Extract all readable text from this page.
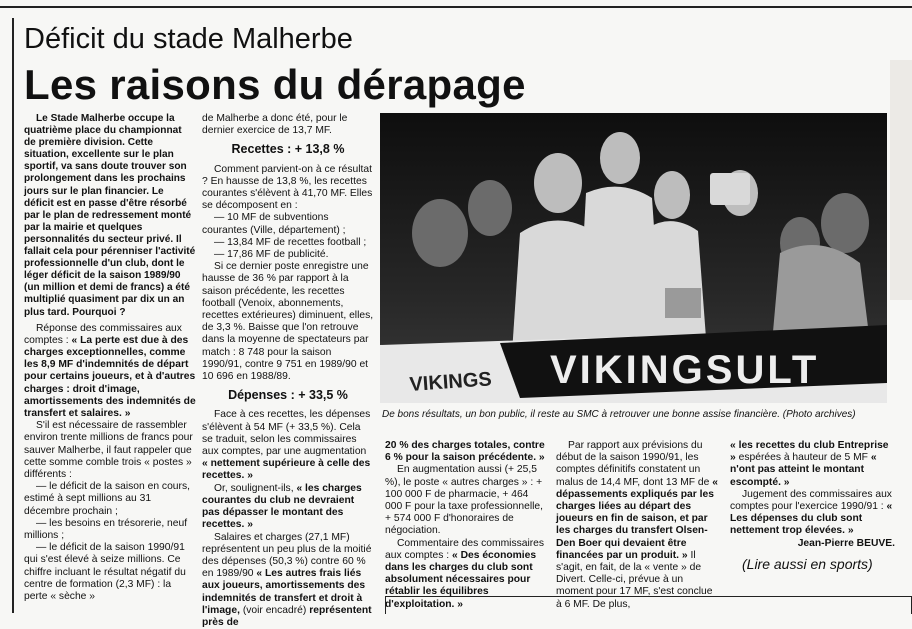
Déficit du stade Malherbe
Les raisons du dérapage

Le Stade Malherbe occupe la quatrième place du championnat de première division. Cette situation, excellente sur le plan sportif, va sans doute trouver son prolongement dans les prochains jours sur le plan financier. Le déficit est en passe d'être résorbé par le plan de redressement monté par la mairie et quelques personnalités du secteur privé. Il fallait cela pour pérenniser l'activité professionnelle d'un club, dont le léger déficit de la saison 1989/90 (un million et demi de francs) a été multiplié quasiment par dix un an plus tard. Pourquoi ?

Réponse des commissaires aux comptes : « La perte est due à des charges exceptionnelles, comme les 8,9 MF d'indemnités de départ pour certains joueurs, et à d'autres charges : droit d'image, amortissements des indemnités de transfert et salaires. »

S'il est nécessaire de rassembler environ trente millions de francs pour sauver Malherbe, il faut rappeler que cette somme comble trois « postes » différents :

— le déficit de la saison en cours, estimé à sept millions au 31 décembre prochain ;

— les besoins en trésorerie, neuf millions ;

— le déficit de la saison 1990/91 qui s'est élevé à seize millions. Ce chiffre incluant le résultat négatif du centre de formation (2,3 MF) : la perte « sèche »

de Malherbe a donc été, pour le dernier exercice de 13,7 MF.

Recettes : + 13,8 %

Comment parvient-on à ce résultat ? En hausse de 13,8 %, les recettes courantes s'élèvent à 41,70 MF. Elles se décomposent en :

— 10 MF de subventions courantes (Ville, département) ;

— 13,84 MF de recettes football ;

— 17,86 MF de publicité.

Si ce dernier poste enregistre une hausse de 36 % par rapport à la saison précédente, les recettes football (Venoix, abonnements, recettes extérieures) diminuent, elles, de 3,3 %. Baisse que l'on retrouve dans la moyenne de spectateurs par match : 8 748 pour la saison 1990/91, contre 9 751 en 1989/90 et 10 696 en 1988/89.

Dépenses : + 33,5 %

Face à ces recettes, les dépenses s'élèvent à 54 MF (+ 33,5 %). Cela se traduit, selon les commissaires aux comptes, par une augmentation « nettement supérieure à celle des recettes. »

Or, soulignent-ils, « les charges courantes du club ne devraient pas dépasser le montant des recettes. »

Salaires et charges (27,1 MF) représentent un peu plus de la moitié des dépenses (50,3 %) contre 60 % en 1989/90 « Les autres frais liés aux joueurs, amortissements des indemnités de transfert et droit à l'image, (voir encadré) représentent près de

VIKINGS VIKINGSULT
De bons résultats, un bon public, il reste au SMC à retrouver une bonne assise financière. (Photo archives)

20 % des charges totales, contre 6 % pour la saison précédente. »

En augmentation aussi (+ 25,5 %), le poste « autres charges » : + 100 000 F de pharmacie, + 464 000 F pour la taxe professionnelle, + 574 000 F d'honoraires de négociation.

Commentaire des commissaires aux comptes : « Des économies dans les charges du club sont absolument nécessaires pour rétablir les équilibres d'exploitation. »

Par rapport aux prévisions du début de la saison 1990/91, les comptes définitifs constatent un malus de 14,4 MF, dont 13 MF de « dépassements expliqués par les charges liées au départ des joueurs en fin de saison, et par les charges du transfert Olsen-Den Boer qui devaient être financées par un produit. » Il s'agit, en fait, de la « vente » de Divert. Celle-ci, prévue à un moment pour 17 MF, s'est conclue à 6 MF. De plus,

« les recettes du club Entreprise » espérées à hauteur de 5 MF « n'ont pas atteint le montant escompté. »

Jugement des commissaires aux comptes pour l'exercice 1990/91 : « Les dépenses du club sont nettement trop élevées. »

Jean-Pierre BEUVE.

(Lire aussi en sports)
